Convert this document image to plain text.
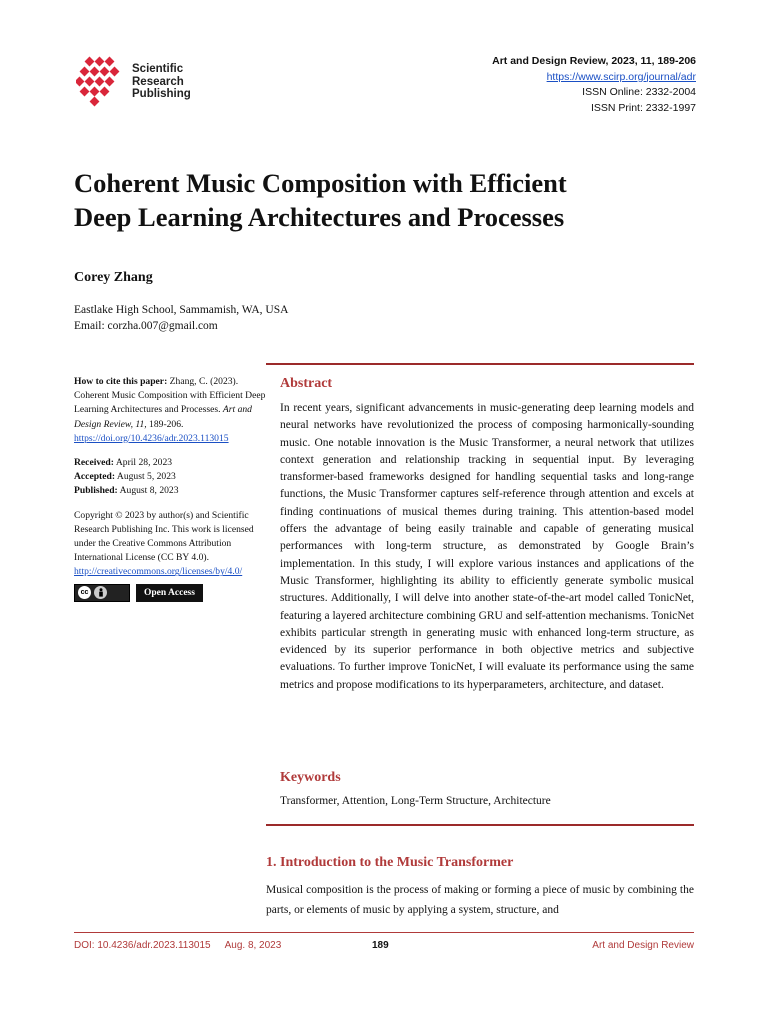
Scientific
Research
Publishing
Art and Design Review, 2023, 11, 189-206
https://www.scirp.org/journal/adr
ISSN Online: 2332-2004
ISSN Print: 2332-1997
Coherent Music Composition with Efficient
Deep Learning Architectures and Processes
Corey Zhang
Eastlake High School, Sammamish, WA, USA
Email: corzha.007@gmail.com
How to cite this paper: Zhang, C. (2023). Coherent Music Composition with Efficient Deep Learning Architectures and Processes. Art and Design Review, 11, 189-206.
https://doi.org/10.4236/adr.2023.113015
Received: April 28, 2023
Accepted: August 5, 2023
Published: August 8, 2023
Copyright © 2023 by author(s) and Scientific Research Publishing Inc. This work is licensed under the Creative Commons Attribution International License (CC BY 4.0).
http://creativecommons.org/licenses/by/4.0/
cc	Open Access
Abstract
In recent years, significant advancements in music-generating deep learning models and neural networks have revolutionized the process of composing harmonically-sounding music. One notable innovation is the Music Transformer, a neural network that utilizes context generation and relationship tracking in sequential input. By leveraging transformer-based frameworks designed for handling sequential tasks and long-range functions, the Music Transformer captures self-reference through attention and excels at finding continuations of musical themes during training. This attention-based model offers the advantage of being easily trainable and capable of generating musical performances with long-term structure, as demonstrated by Google Brain’s implementation. In this study, I will explore various instances and applications of the Music Transformer, highlighting its ability to efficiently generate symbolic musical structures. Additionally, I will delve into another state-of-the-art model called TonicNet, featuring a layered architecture combining GRU and self-attention mechanisms. TonicNet exhibits particular strength in generating music with enhanced long-term structure, as evidenced by its superior performance in both objective metrics and subjective evaluations. To further improve TonicNet, I will evaluate its performance using the same metrics and propose modifications to its hyperparameters, architecture, and dataset.
Keywords
Transformer, Attention, Long-Term Structure, Architecture
1. Introduction to the Music Transformer
Musical composition is the process of making or forming a piece of music by combining the parts, or elements of music by applying a system, structure, and
DOI: 10.4236/adr.2023.113015 Aug. 8, 2023	189	Art and Design Review
